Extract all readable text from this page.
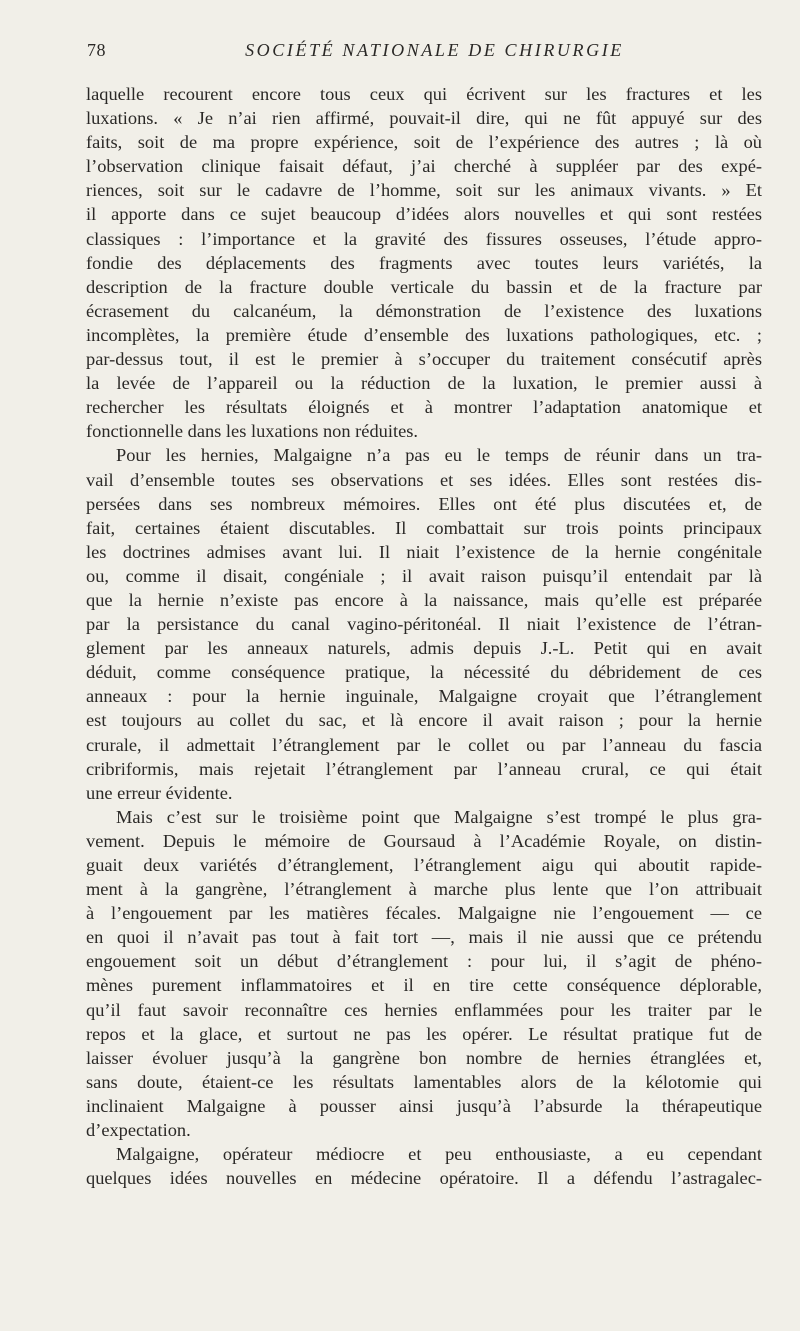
78	SOCIÉTÉ NATIONALE DE CHIRURGIE
laquelle recourent encore tous ceux qui écrivent sur les fractures et les
luxations. « Je n’ai rien affirmé, pouvait-il dire, qui ne fût appuyé sur des
faits, soit de ma propre expérience, soit de l’expérience des autres ; là où
l’observation clinique faisait défaut, j’ai cherché à suppléer par des expé-
riences, soit sur le cadavre de l’homme, soit sur les animaux vivants. » Et
il apporte dans ce sujet beaucoup d’idées alors nouvelles et qui sont restées
classiques : l’importance et la gravité des fissures osseuses, l’étude appro-
fondie des déplacements des fragments avec toutes leurs variétés, la
description de la fracture double verticale du bassin et de la fracture par
écrasement du calcanéum, la démonstration de l’existence des luxations
incomplètes, la première étude d’ensemble des luxations pathologiques, etc. ;
par-dessus tout, il est le premier à s’occuper du traitement consécutif après
la levée de l’appareil ou la réduction de la luxation, le premier aussi à
rechercher les résultats éloignés et à montrer l’adaptation anatomique et
fonctionnelle dans les luxations non réduites.
Pour les hernies, Malgaigne n’a pas eu le temps de réunir dans un tra-
vail d’ensemble toutes ses observations et ses idées. Elles sont restées dis-
persées dans ses nombreux mémoires. Elles ont été plus discutées et, de
fait, certaines étaient discutables. Il combattait sur trois points principaux
les doctrines admises avant lui. Il niait l’existence de la hernie congénitale
ou, comme il disait, congéniale ; il avait raison puisqu’il entendait par là
que la hernie n’existe pas encore à la naissance, mais qu’elle est préparée
par la persistance du canal vagino-péritonéal. Il niait l’existence de l’étran-
glement par les anneaux naturels, admis depuis J.-L. Petit qui en avait
déduit, comme conséquence pratique, la nécessité du débridement de ces
anneaux : pour la hernie inguinale, Malgaigne croyait que l’étranglement
est toujours au collet du sac, et là encore il avait raison ; pour la hernie
crurale, il admettait l’étranglement par le collet ou par l’anneau du fascia
cribriformis, mais rejetait l’étranglement par l’anneau crural, ce qui était
une erreur évidente.
Mais c’est sur le troisième point que Malgaigne s’est trompé le plus gra-
vement. Depuis le mémoire de Goursaud à l’Académie Royale, on distin-
guait deux variétés d’étranglement, l’étranglement aigu qui aboutit rapide-
ment à la gangrène, l’étranglement à marche plus lente que l’on attribuait
à l’engouement par les matières fécales. Malgaigne nie l’engouement — ce
en quoi il n’avait pas tout à fait tort —, mais il nie aussi que ce prétendu
engouement soit un début d’étranglement : pour lui, il s’agit de phéno-
mènes purement inflammatoires et il en tire cette conséquence déplorable,
qu’il faut savoir reconnaître ces hernies enflammées pour les traiter par le
repos et la glace, et surtout ne pas les opérer. Le résultat pratique fut de
laisser évoluer jusqu’à la gangrène bon nombre de hernies étranglées et,
sans doute, étaient-ce les résultats lamentables alors de la kélotomie qui
inclinaient Malgaigne à pousser ainsi jusqu’à l’absurde la thérapeutique
d’expectation.
Malgaigne, opérateur médiocre et peu enthousiaste, a eu cependant
quelques idées nouvelles en médecine opératoire. Il a défendu l’astragalec-
